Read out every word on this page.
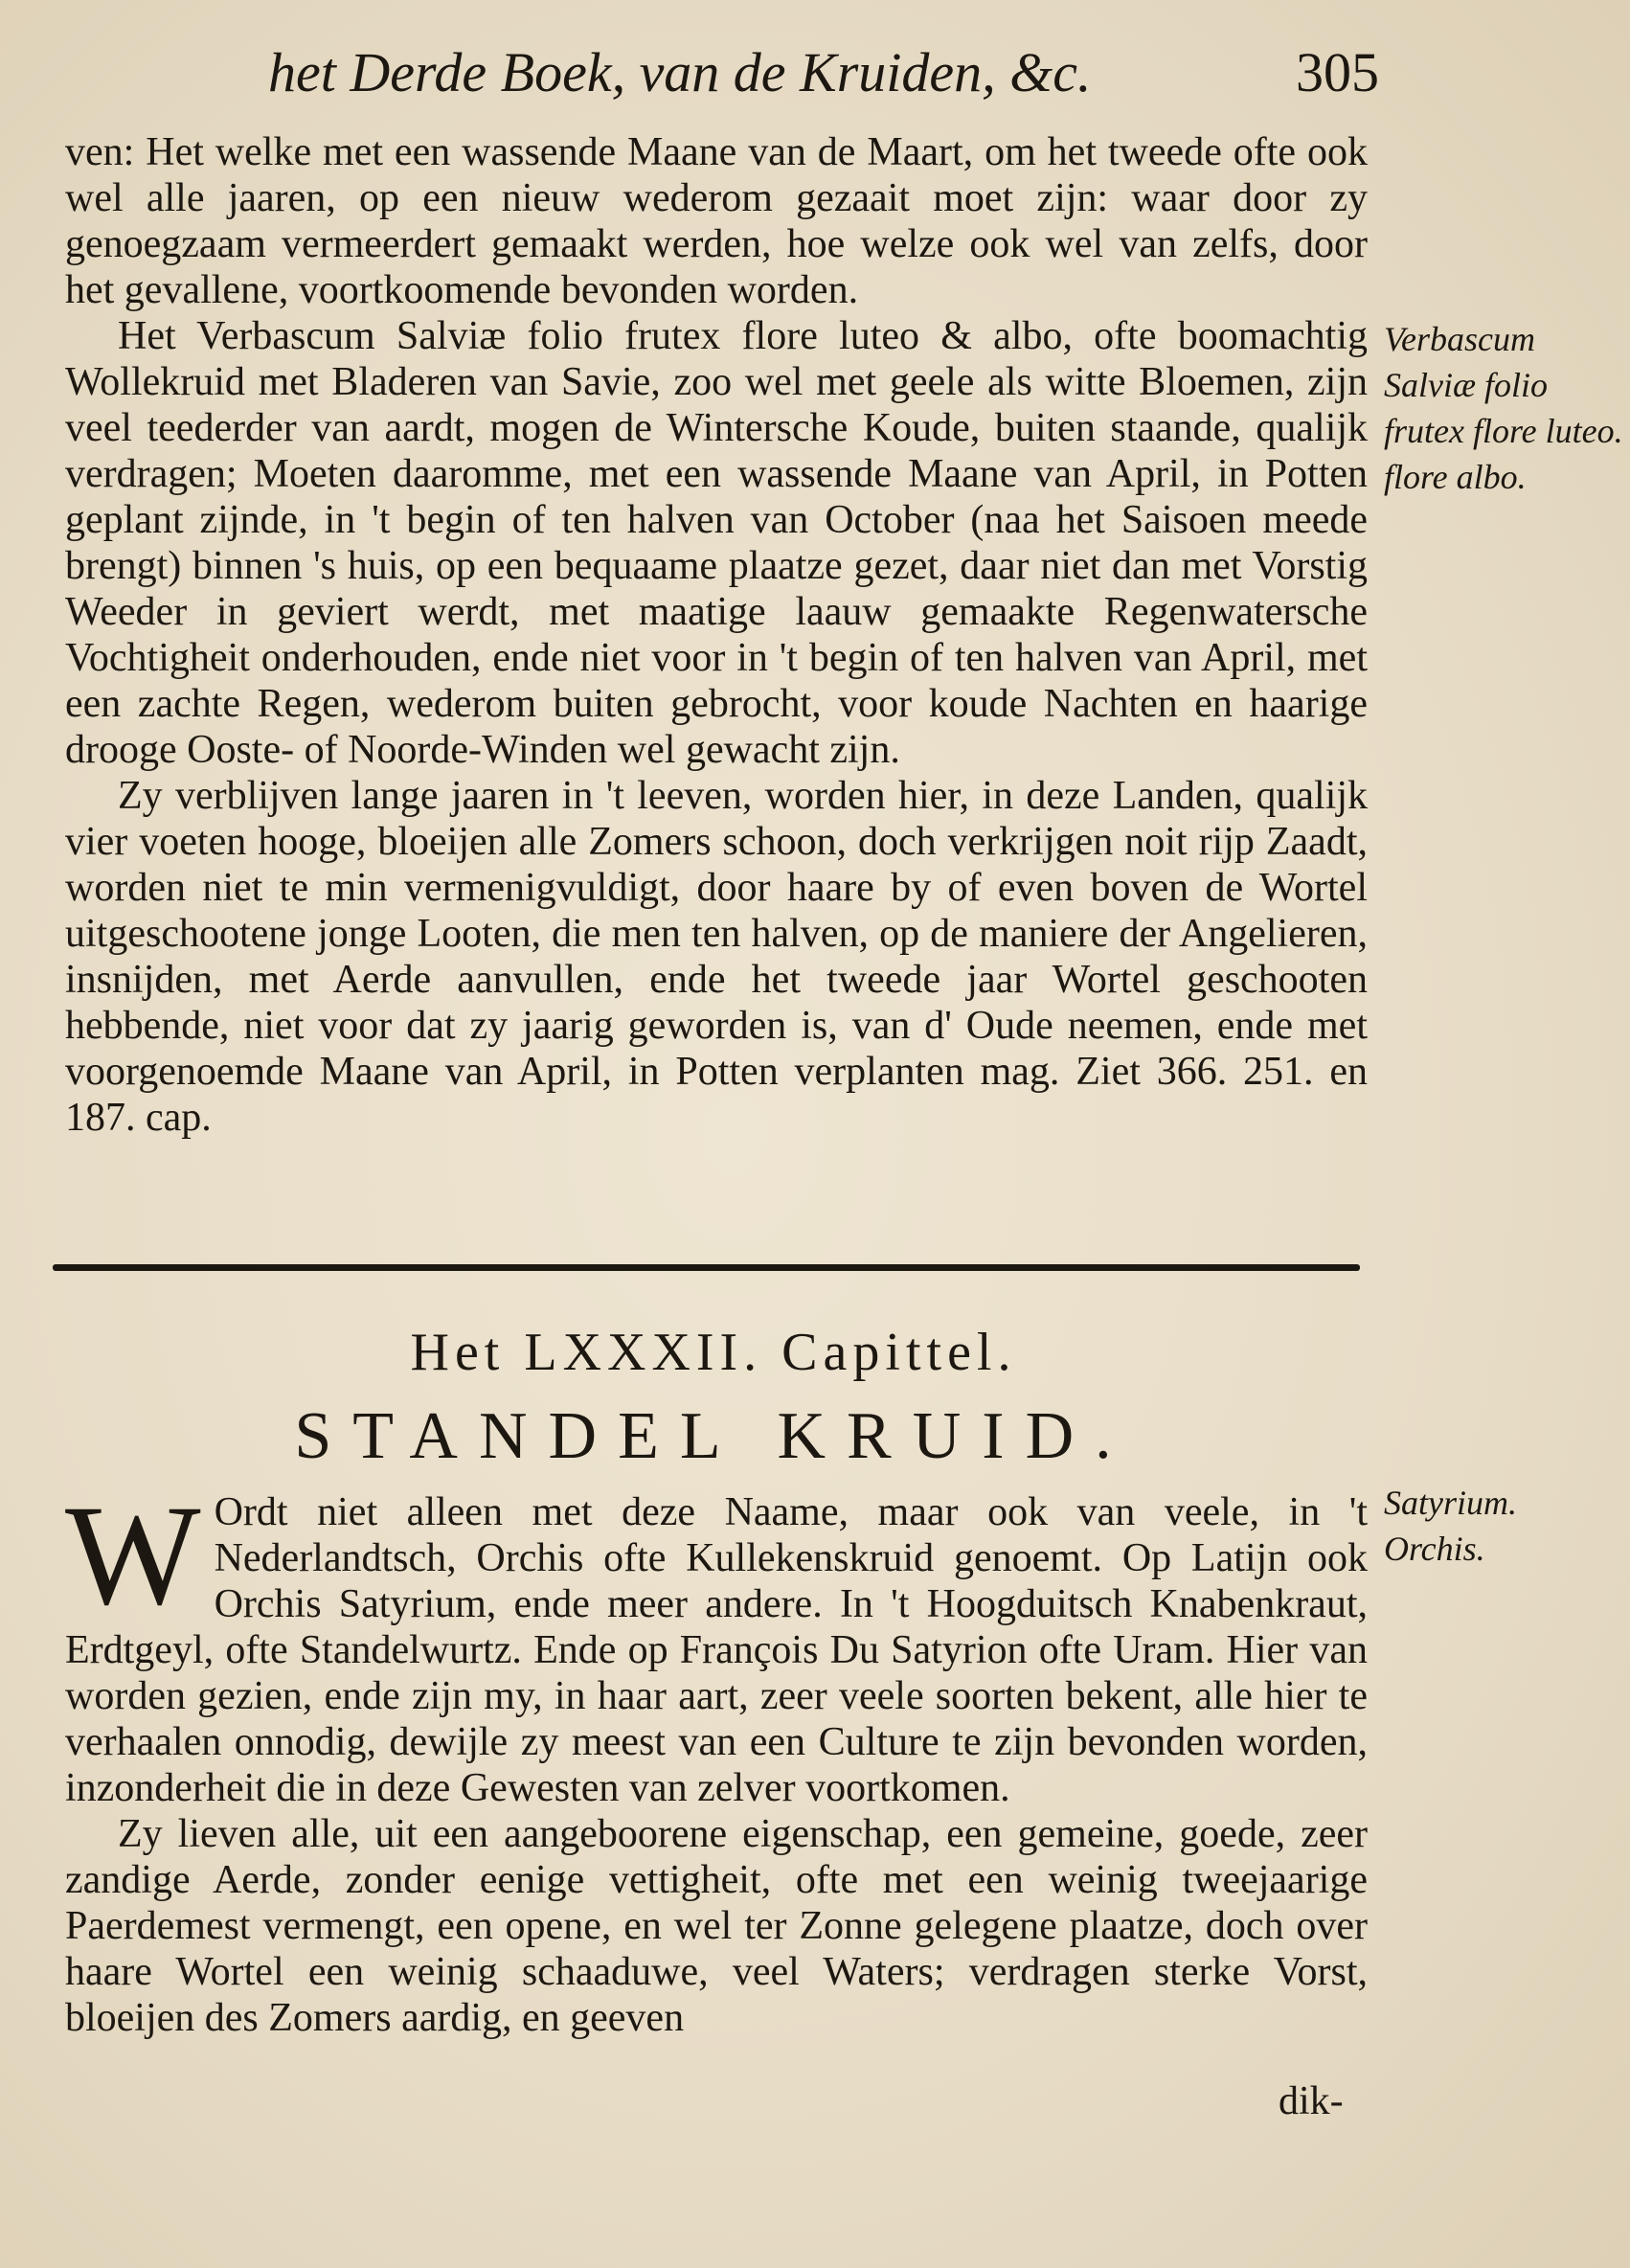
het Derde Boek, van de Kruiden, &c.	305

ven: Het welke met een wassende Maane van de Maart, om het tweede ofte ook wel alle jaaren, op een nieuw wederom gezaait moet zijn: waar door zy genoegzaam vermeerdert gemaakt werden, hoe welze ook wel van zelfs, door het gevallene, voortkoomende bevonden worden.

Het Verbascum Salviæ folio frutex flore luteo & albo, ofte boomachtig Wollekruid met Bladeren van Savie, zoo wel met geele als witte Bloemen, zijn veel teederder van aardt, mogen de Wintersche Koude, buiten staande, qualijk verdragen; Moeten daaromme, met een wassende Maane van April, in Potten geplant zijnde, in 't begin of ten halven van October (naa het Saisoen meede brengt) binnen 's huis, op een bequaame plaatze gezet, daar niet dan met Vorstig Weeder in geviert werdt, met maatige laauw gemaakte Regenwatersche Vochtigheit onderhouden, ende niet voor in 't begin of ten halven van April, met een zachte Regen, wederom buiten gebrocht, voor koude Nachten en haarige droogе Ooste- of Noorde-Winden wel gewacht zijn.

Zy verblijven lange jaaren in 't leeven, worden hier, in deze Landen, qualijk vier voeten hooge, bloeijen alle Zomers schoon, doch verkrijgen noit rijp Zaadt, worden niet te min vermenigvuldigt, door haare by of even boven de Wortel uitgeschootene jonge Looten, die men ten halven, op de maniere der Angelieren, insnijden, met Aerde aanvullen, ende het tweede jaar Wortel geschooten hebbende, niet voor dat zy jaarig geworden is, van d' Oude neemen, ende met voorgenoemde Maane van April, in Potten verplanten mag. Ziet 366. 251. en 187. cap.

Verbascum Salviæ folio frutex flore luteo. flore albo.
Het LXXXII. Capittel.
STANDEL KRUID.

W Ordt niet alleen met deze Naame, maar ook van veele, in 't Nederlandtsch, Orchis ofte Kullekenskruid genoemt. Op Latijn ook Orchis Satyrium, ende meer andere. In 't Hoogduitsch Knabenkraut, Erdtgeyl, ofte Standelwurtz. Ende op François Du Satyrion ofte Uram. Hier van worden gezien, ende zijn my, in haar aart, zeer veele soorten bekent, alle hier te verhaalen onnodig, dewijle zy meest van een Culture te zijn bevonden worden, inzonderheit die in deze Gewesten van zelver voortkomen.

Zy lieven alle, uit een aangeboorene eigenschap, een gemeine, goede, zeer zandige Aerde, zonder eenige vettigheit, ofte met een weinig tweejaarige Paerdemest vermengt, een opene, en wel ter Zonne gelegene plaatze, doch over haare Wortel een weinig schaaduwe, veel Waters; verdragen sterke Vorst, bloeijen des Zomers aardig, en geeven

Satyrium. Orchis.
dik-
